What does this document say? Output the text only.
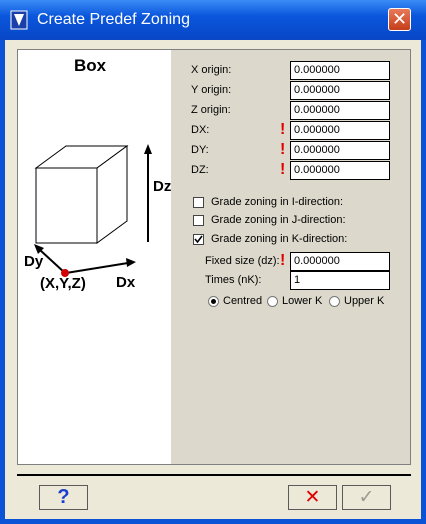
Create Predef Zoning	✕
Box
Dz
Dy
Dx
(X,Y,Z)
X origin:	0.000000
Y origin:	0.000000
Z origin:	0.000000
DX:	! 0.000000
DY:	! 0.000000
DZ:	! 0.000000
Grade zoning in I-direction:
Grade zoning in J-direction:
Grade zoning in K-direction:
Fixed size (dz): ! 0.000000
Times (nK):	1
Centred Lower K Upper K
?	✕	✓
